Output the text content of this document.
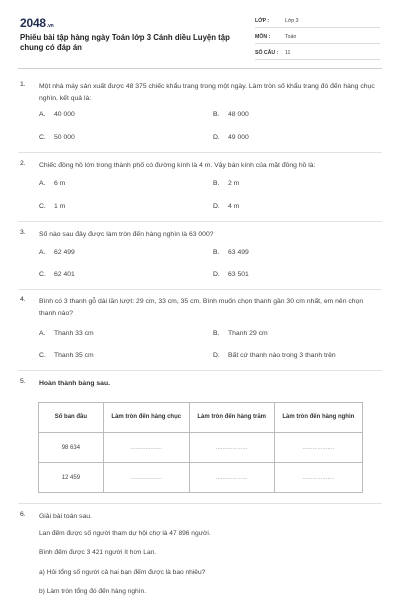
2048.vn
Phiếu bài tập hàng ngày Toán lớp 3 Cánh diều Luyện tập chung có đáp án
LỚP :	Lớp 3
MÔN :	Toán
SỐ CÂU :	11
1. Một nhà máy sản xuất được 48 375 chiếc khẩu trang trong một ngày. Làm tròn số khẩu trang đó đến hàng chục nghìn, kết quả là:
A. 40 000	B. 48 000
C. 50 000	D. 49 000
2. Chiếc đồng hồ lớn trong thành phố có đường kính là 4 m. Vậy bán kính của mặt đồng hồ là:
A. 6 m	B. 2 m
C. 1 m	D. 4 m
3. Số nào sau đây được làm tròn đến hàng nghìn là 63 000?
A. 62 499	B. 63 499
C. 62 401	D. 63 501
4. Bình có 3 thanh gỗ dài lần lượt: 29 cm, 33 cm, 35 cm. Bình muốn chọn thanh gần 30 cm nhất, em nên chọn thanh nào?
A. Thanh 33 cm	B. Thanh 29 cm
C. Thanh 35 cm	D. Bất cứ thanh nào trong 3 thanh trên
5. Hoàn thành bảng sau.
Số ban đầu	Làm tròn đến hàng chục	Làm tròn đến hàng trăm	Làm tròn đến hàng nghìn
98 634	...................	...................	...................
12 459	...................	...................	...................
6. Giải bài toán sau.
Lan đếm được số người tham dự hội chợ là 47 896 người.
Bình đếm được 3 421 người ít hơn Lan.
a) Hỏi tổng số người cả hai bạn đếm được là bao nhiêu?
b) Làm tròn tổng đó đến hàng nghìn.
